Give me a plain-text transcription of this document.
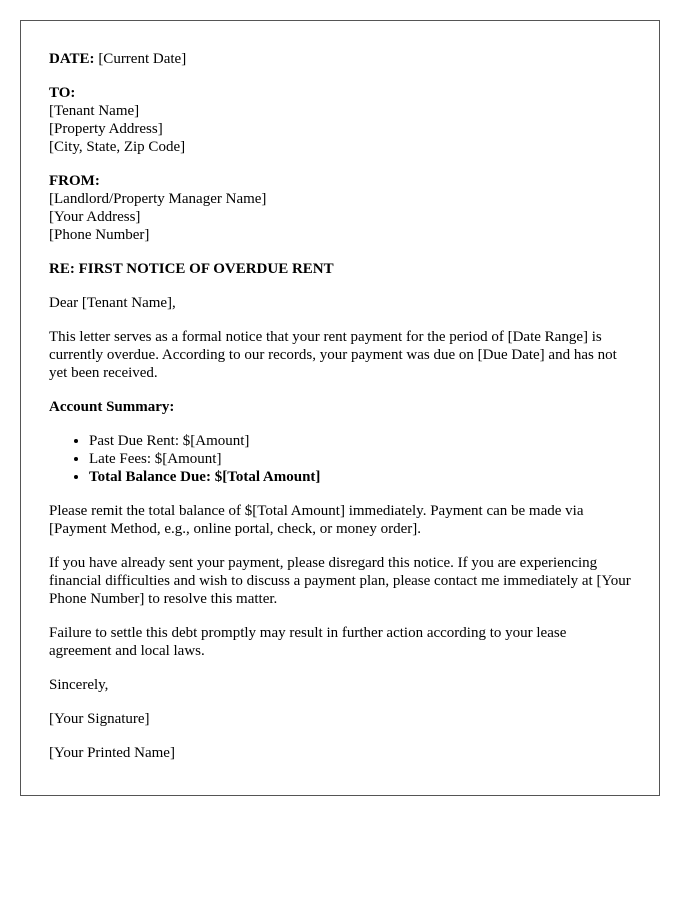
DATE: [Current Date]

TO:
[Tenant Name]
[Property Address]
[City, State, Zip Code]
FROM:
[Landlord/Property Manager Name]
[Your Address]
[Phone Number]

RE: FIRST NOTICE OF OVERDUE RENT

Dear [Tenant Name],

This letter serves as a formal notice that your rent payment for the period of [Date Range] is currently overdue. According to our records, your payment was due on [Due Date] and has not yet been received.

Account Summary:

• Past Due Rent: $[Amount]
• Late Fees: $[Amount]
• Total Balance Due: $[Total Amount]

Please remit the total balance of $[Total Amount] immediately. Payment can be made via [Payment Method, e.g., online portal, check, or money order].

If you have already sent your payment, please disregard this notice. If you are experiencing financial difficulties and wish to discuss a payment plan, please contact me immediately at [Your Phone Number] to resolve this matter.

Failure to settle this debt promptly may result in further action according to your lease agreement and local laws.

Sincerely,

[Your Signature]

[Your Printed Name]
